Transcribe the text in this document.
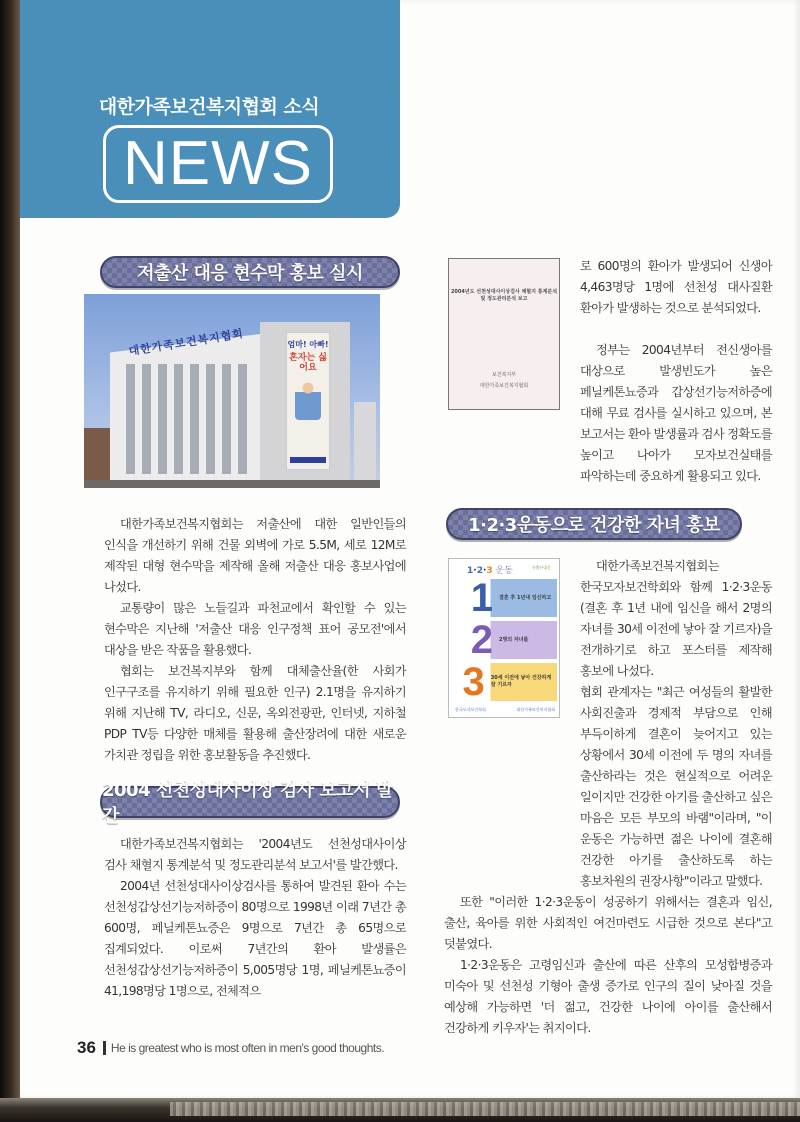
대한가족보건복지협회 소식
NEWS
저출산 대응 현수막 홍보 실시
대한가족보건복지협회	엄마! 아빠!
혼자는 싫어요

대한가족보건복지협회는 저출산에 대한 일반인들의 인식을 개선하기 위해 건물 외벽에 가로 5.5M, 세로 12M로 제작된 대형 현수막을 제작해 올해 저출산 대응 홍보사업에 나섰다.

교통량이 많은 노들길과 파천교에서 확인할 수 있는 현수막은 지난해 '저출산 대응 인구정책 표어 공모전'에서 대상을 받은 작품을 활용했다.

협회는 보건복지부와 함께 대체출산율(한 사회가 인구구조를 유지하기 위해 필요한 인구) 2.1명을 유지하기 위해 지난해 TV, 라디오, 신문, 옥외전광판, 인터넷, 지하철 PDP TV등 다양한 매체를 활용해 출산장려에 대한 새로운 가치관 정립을 위한 홍보활동을 추진했다.

2004 선천성대사이상 검사 보고서 발간

대한가족보건복지협회는 '2004년도 선천성대사이상 검사 채혈지 통계분석 및 정도관리분석 보고서'를 발간했다.

2004년 선천성대사이상검사를 통하여 발견된 환아 수는 선천성갑상선기능저하증이 80명으로 1998년 이래 7년간 총 600명, 페닐케톤뇨증은 9명으로 7년간 총 65명으로 집계되었다. 이로써 7년간의 환아 발생률은 선천성갑상선기능저하증이 5,005명당 1명, 페닐케톤뇨증이 41,198명당 1명으로, 전체적으

2004년도 선천성대사이상검사 채혈지 통계분석 및 정도관리분석 보고
보건복지부
대한가족보건복지협회

로 600명의 환아가 발생되어 신생아 4,463명당 1명에 선천성 대사질환 환아가 발생하는 것으로 분석되었다.

정부는 2004년부터 전신생아를 대상으로 발생빈도가 높은 페닐케톤뇨증과 갑상선기능저하증에 대해 무료 검사를 실시하고 있으며, 본 보고서는 환아 발생률과 검사 정확도를 높이고 나아가 모자보건실태를 파악하는데 중요하게 활용되고 있다.

1·2·3운동으로 건강한 자녀 홍보
1·2·3 운동	저출산대응
1 결혼 후 1년내 임신하고
2 2명의 자녀를
3 30세 이전에 낳아 건강하게 잘 기르자
한국모자보건학회	대한가족보건복지협회

대한가족보건복지협회는 한국모자보건학회와 함께 1·2·3운동(결혼 후 1년 내에 임신을 해서 2명의 자녀를 30세 이전에 낳아 잘 기르자)을 전개하기로 하고 포스터를 제작해 홍보에 나섰다.

협회 관계자는 "최근 여성들의 활발한 사회진출과 경제적 부담으로 인해 부득이하게 결혼이 늦어지고 있는 상황에서 30세 이전에 두 명의 자녀를 출산하라는 것은 현실적으로 어려운 일이지만 건강한 아기를 출산하고 싶은 마음은 모든 부모의 바램"이라며, "이 운동은 가능하면 젊은 나이에 결혼해 건강한 아기를 출산하도록 하는 홍보차원의 권장사항"이라고 말했다.

또한 "이러한 1·2·3운동이 성공하기 위해서는 결혼과 임신, 출산, 육아를 위한 사회적인 여건마련도 시급한 것으로 본다"고 덧붙였다.

1·2·3운동은 고령임신과 출산에 따른 산후의 모성합병증과 미숙아 및 선천성 기형아 출생 증가로 인구의 질이 낮아질 것을 예상해 가능하면 '더 젊고, 건강한 나이에 아이를 출산해서 건강하게 키우자'는 취지이다.

36 He is greatest who is most often in men's good thoughts.
